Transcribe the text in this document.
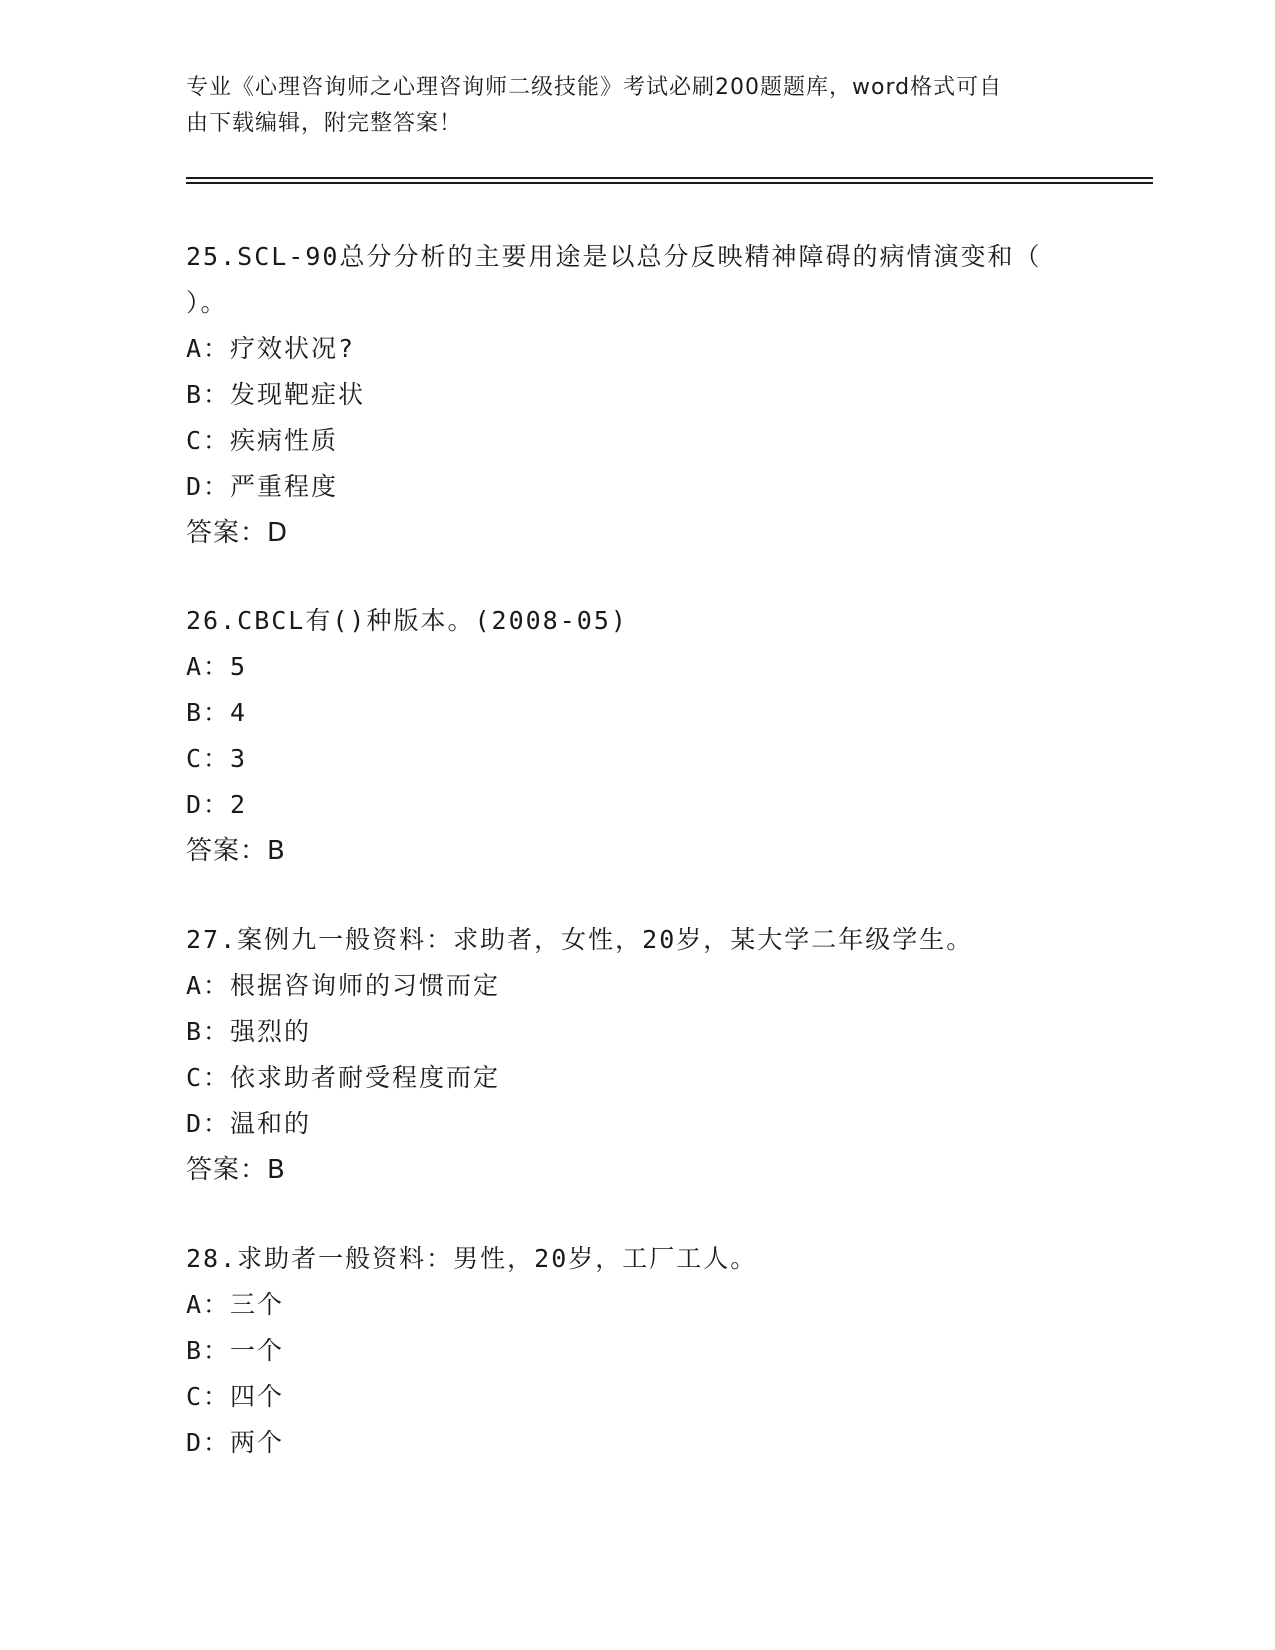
专业《心理咨询师之心理咨询师二级技能》考试必刷200题题库，word格式可自
由下载编辑，附完整答案！
25.SCL-90总分分析的主要用途是以总分反映精神障碍的病情演变和（
）。
A：疗效状况?
B：发现靶症状
C：疾病性质
D：严重程度
答案：D
26.CBCL有()种版本。(2008-05)
A：5
B：4
C：3
D：2
答案：B
27.案例九一般资料：求助者，女性，20岁，某大学二年级学生。
A：根据咨询师的习惯而定
B：强烈的
C：依求助者耐受程度而定
D：温和的
答案：B
28.求助者一般资料：男性，20岁，工厂工人。
A：三个
B：一个
C：四个
D：两个
